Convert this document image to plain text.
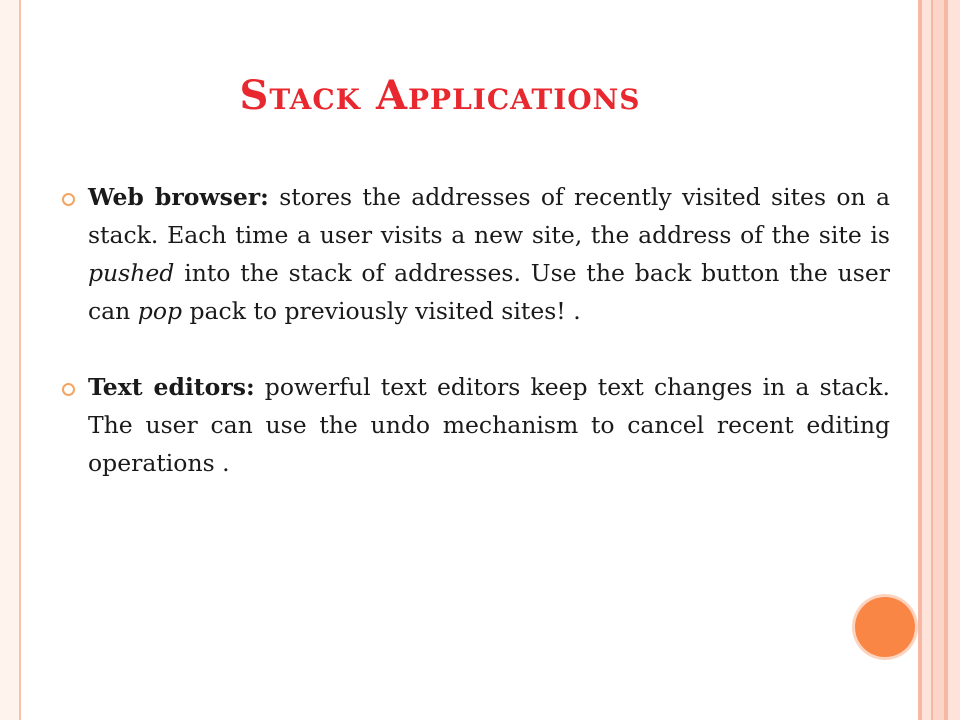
Stack Applications
Web browser: stores the addresses of recently visited sites on a stack. Each time a user visits a new site, the address of the site is pushed into the stack of addresses. Use the back button the user can pop pack to previously visited sites! .
Text editors: powerful text editors keep text changes in a stack. The user can use the undo mechanism to cancel recent editing operations .
